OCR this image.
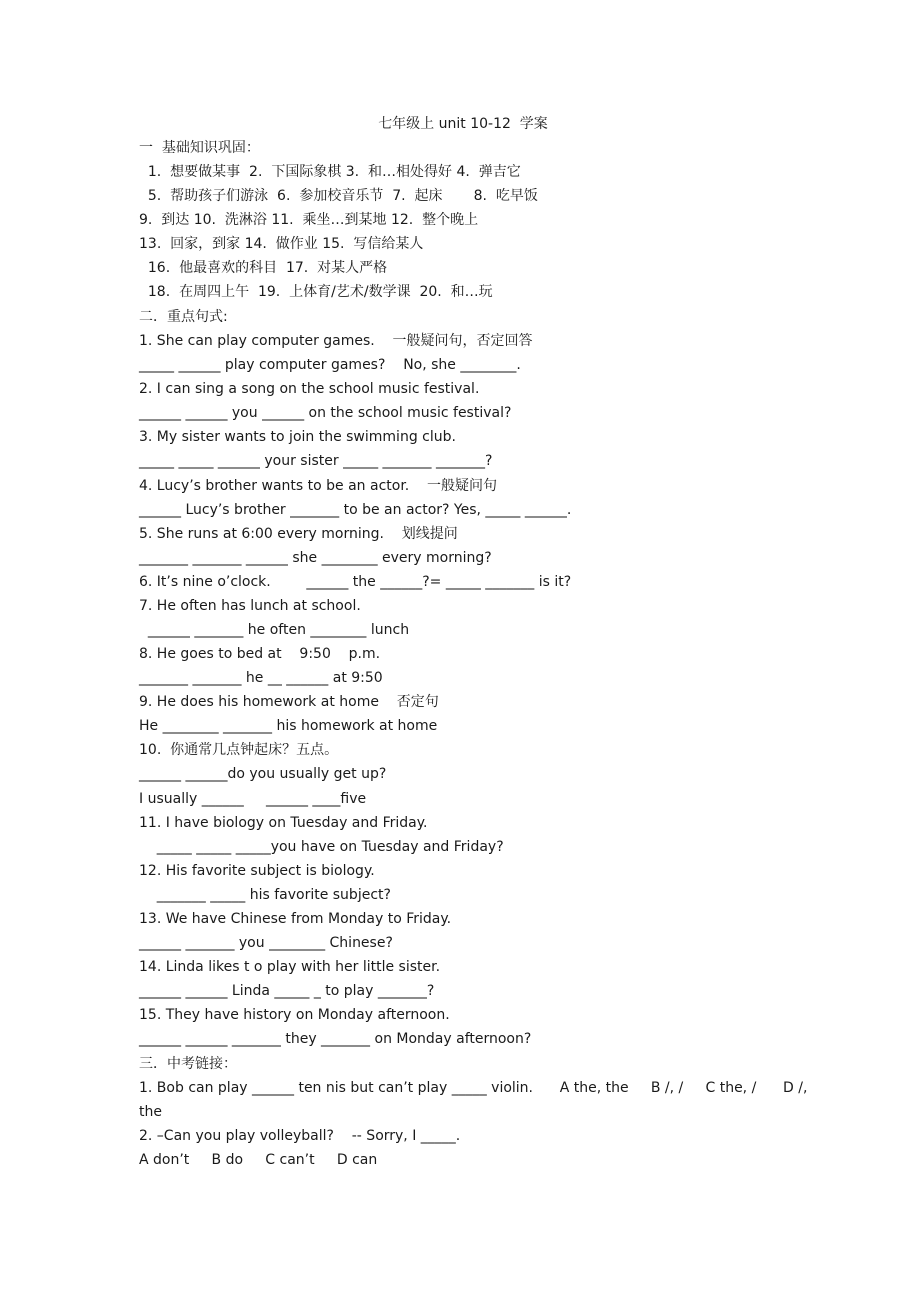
七年级上 unit 10-12  学案
一  基础知识巩固：
1.  想要做某事  2.  下国际象棋 3.  和…相处得好 4.  弹吉它
5.  帮助孩子们游泳  6.  参加校音乐节  7.  起床       8.  吃早饭
9.  到达 10.  洗淋浴 11.  乘坐…到某地 12.  整个晚上
13.  回家，到家 14.  做作业 15.  写信给某人
16.  他最喜欢的科目  17.  对某人严格
18.  在周四上午  19.  上体育/艺术/数学课  20.  和…玩
二．重点句式:
1. She can play computer games.    一般疑问句，否定回答
_____ ______ play computer games?    No, she ________.
2. I can sing a song on the school music festival.
______ ______ you ______ on the school music festival?
3. My sister wants to join the swimming club.
_____ _____ ______ your sister _____ _______ _______?
4. Lucy’s brother wants to be an actor.    一般疑问句
______ Lucy’s brother _______ to be an actor? Yes, _____ ______.
5. She runs at 6:00 every morning.    划线提问
_______ _______ ______ she ________ every morning?
6. It’s nine o’clock.        ______ the ______?= _____ _______ is it?
7. He often has lunch at school.
______ _______ he often ________ lunch
8. He goes to bed at    9:50    p.m.
_______ _______ he __ ______ at 9:50
9. He does his homework at home    否定句
He ________ _______ his homework at home
10.  你通常几点钟起床？五点。
______ ______do you usually get up?
I usually ______     ______ ____five
11. I have biology on Tuesday and Friday.
_____ _____ _____you have on Tuesday and Friday?
12. His favorite subject is biology.
_______ _____ his favorite subject?
13. We have Chinese from Monday to Friday.
______ _______ you ________ Chinese?
14. Linda likes t o play with her little sister.
______ ______ Linda _____ _ to play _______?
15. They have history on Monday afternoon.
______ ______ _______ they _______ on Monday afternoon?
三．中考链接：
1. Bob can play ______ ten nis but can’t play _____ violin.      A the, the     B /, /     C the, /      D /,
the
2. –Can you play volleyball?    -- Sorry, I _____.
A don’t     B do     C can’t     D can
